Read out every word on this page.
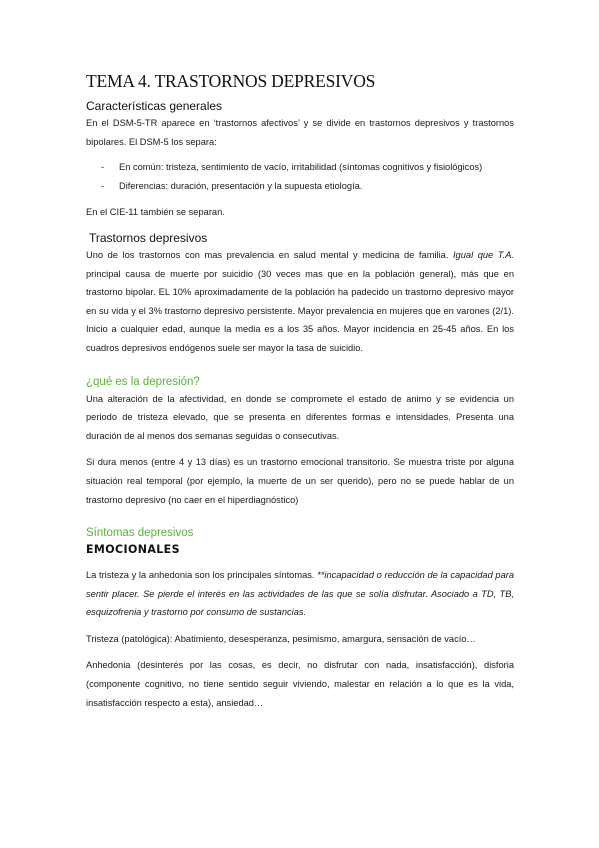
TEMA 4. TRASTORNOS DEPRESIVOS
Características generales

En el DSM-5-TR aparece en ‘trastornos afectivos’ y se divide en trastornos depresivos y trastornos bipolares. El DSM-5 los separa:

- En común: tristeza, sentimiento de vacío, irritabilidad (síntomas cognitivos y fisiológicos)
- Diferencias: duración, presentación y la supuesta etiología.

En el CIE-11 también se separan.

Trastornos depresivos

Uno de los trastornos con mas prevalencia en salud mental y medicina de familia. Igual que T.A. principal causa de muerte por suicidio (30 veces mas que en la población general), más que en trastorno bipolar. EL 10% aproximadamente de la población ha padecido un trastorno depresivo mayor en su vida y el 3% trastorno depresivo persistente. Mayor prevalencia en mujeres que en varones (2/1). Inicio a cualquier edad, aunque la media es a los 35 años. Mayor incidencia en 25-45 años. En los cuadros depresivos endógenos suele ser mayor la tasa de suicidio.

¿qué es la depresión?

Una alteración de la afectividad, en donde se compromete el estado de animo y se evidencia un periodo de tristeza elevado, que se presenta en diferentes formas e intensidades. Presenta una duración de al menos dos semanas seguidas o consecutivas.

Si dura menos (entre 4 y 13 días) es un trastorno emocional transitorio. Se muestra triste por alguna situación real temporal (por ejemplo, la muerte de un ser querido), pero no se puede hablar de un trastorno depresivo (no caer en el hiperdiagnóstico)

Síntomas depresivos
EMOCIONALES

La tristeza y la anhedonia son los principales síntomas. **incapacidad o reducción de la capacidad para sentir placer. Se pierde el interés en las actividades de las que se solía disfrutar. Asociado a TD, TB, esquizofrenia y trastorno por consumo de sustancias.

Tristeza (patológica): Abatimiento, desesperanza, pesimismo, amargura, sensación de vacío…

Anhedonia (desinterés por las cosas, es decir, no disfrutar con nada, insatisfacción), disforia (componente cognitivo, no tiene sentido seguir viviendo, malestar en relación a lo que es la vida, insatisfacción respecto a esta), ansiedad…
